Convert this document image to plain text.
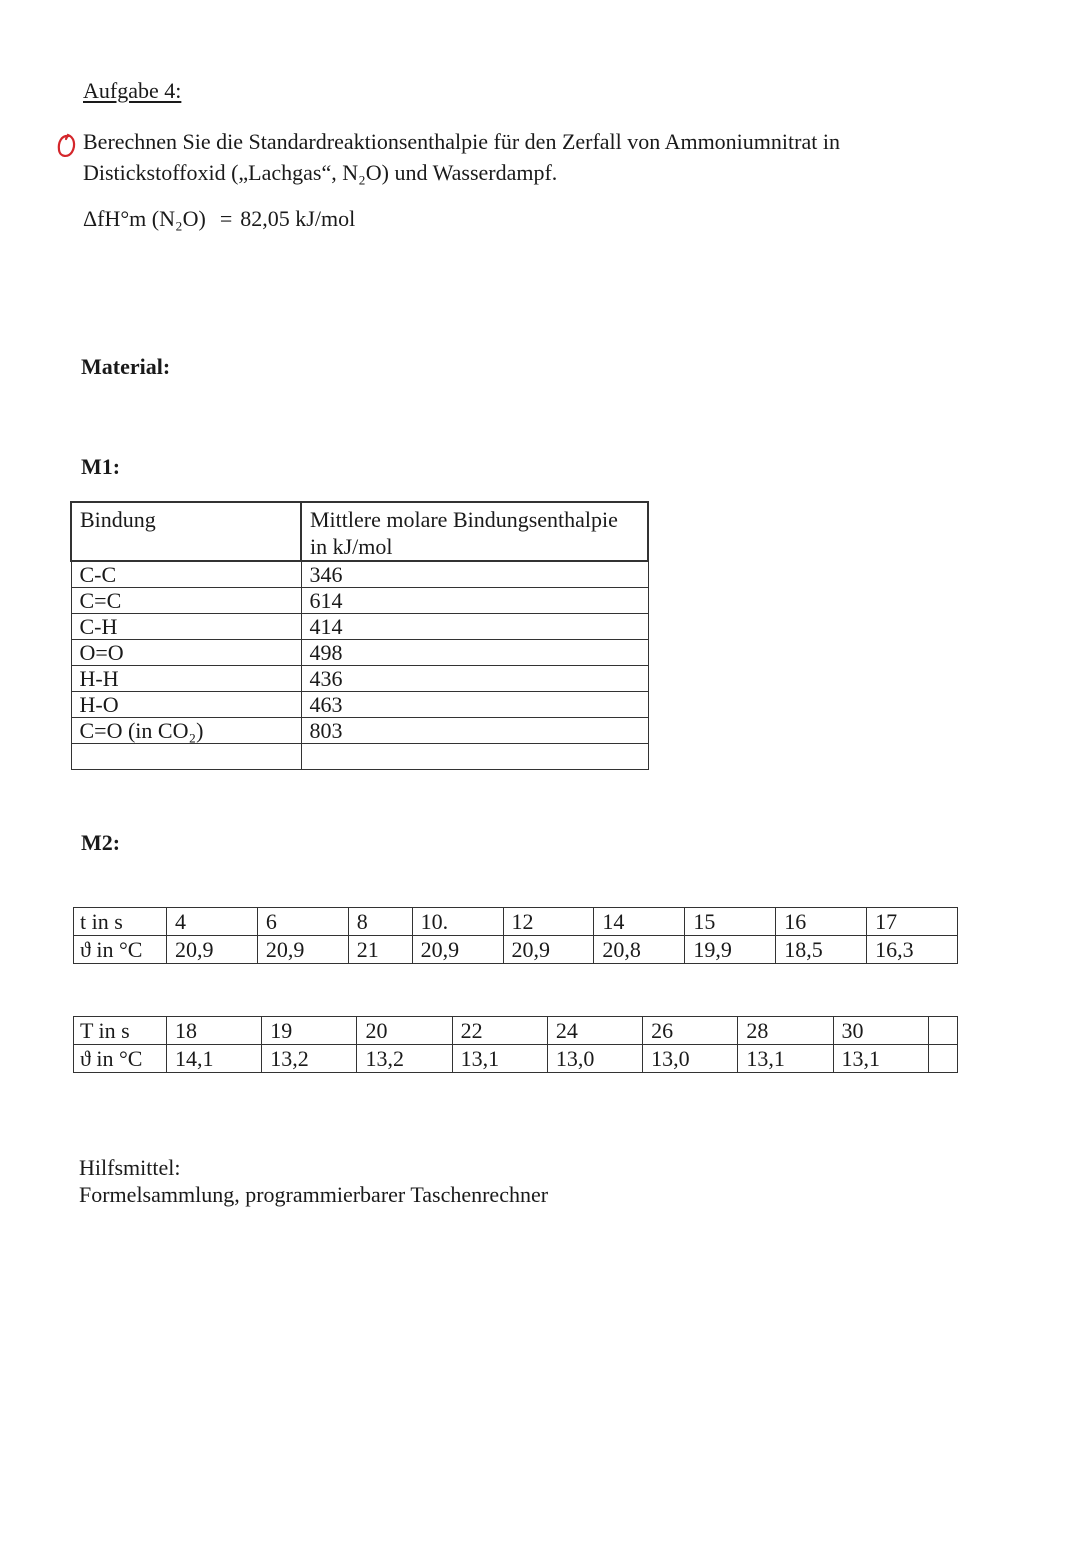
Aufgabe 4:
Berechnen Sie die Standardreaktionsenthalpie für den Zerfall von Ammoniumnitrat in
Distickstoffoxid („Lachgas“, N₂O) und Wasserdampf.
ΔfH°m (N₂O) = 82,05 kJ/mol
Material:
M1:
Bindung	Mittlere molare Bindungsenthalpie
in kJ/mol

C-C	346
C=C	614
C-H	414
O=O	498
H-H	436
H-O	463
C=O (in CO₂)	803

M2:
t in s	4	6	8	10.	12	14	15	16	17
ϑ in °C	20,9	20,9	21	20,9	20,9	20,8	19,9	18,5	16,3
T in s	18	19	20	22	24	26	28	30	
ϑ in °C	14,1	13,2	13,2	13,1	13,0	13,0	13,1	13,1	
Hilfsmittel:
Formelsammlung, programmierbarer Taschenrechner
